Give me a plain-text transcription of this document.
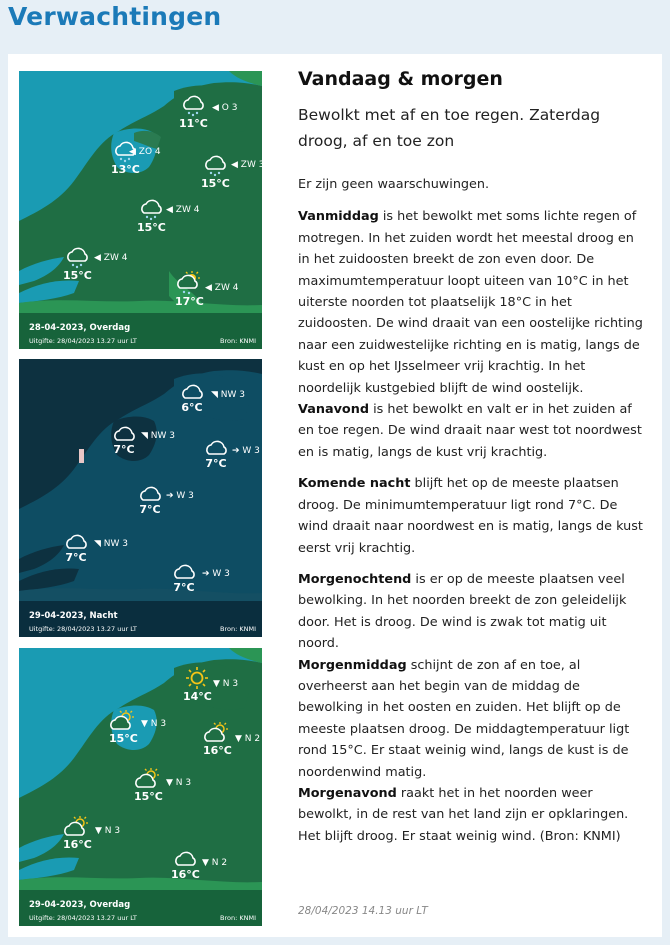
Verwachtingen
11°C
◀ O 3
13°C
◀ ZO 4
15°C
◀ ZW 3
15°C
◀ ZW 4
15°C
◀ ZW 4
17°C
◀ ZW 4
28-04-2023, Overdag
Uitgifte: 28/04/2023 13.27 uur LT	Bron: KNMI
6°C
◥ NW 3
7°C
◥ NW 3
7°C
➔ W 3
7°C
➔ W 3
7°C
◥ NW 3
7°C
➔ W 3
29-04-2023, Nacht
Uitgifte: 28/04/2023 13.27 uur LT	Bron: KNMI
14°C
▼ N 3
15°C
▼ N 3
16°C
▼ N 2
15°C
▼ N 3
16°C
▼ N 3
16°C
▼ N 2
29-04-2023, Overdag
Uitgifte: 28/04/2023 13.27 uur LT	Bron: KNMI
Vandaag & morgen
Bewolkt met af en toe regen. Zaterdag droog, af en toe zon
Er zijn geen waarschuwingen.
Vanmiddag is het bewolkt met soms lichte regen of motregen. In het zuiden wordt het meestal droog en in het zuidoosten breekt de zon even door. De maximumtemperatuur loopt uiteen van 10°C in het uiterste noorden tot plaatselijk 18°C in het zuidoosten. De wind draait van een oostelijke richting naar een zuidwestelijke richting en is matig, langs de kust en op het IJsselmeer vrij krachtig. In het noordelijk kustgebied blijft de wind oostelijk.
Vanavond is het bewolkt en valt er in het zuiden af en toe regen. De wind draait naar west tot noordwest en is matig, langs de kust vrij krachtig.
Komende nacht blijft het op de meeste plaatsen droog. De minimumtemperatuur ligt rond 7°C. De wind draait naar noordwest en is matig, langs de kust eerst vrij krachtig.
Morgenochtend is er op de meeste plaatsen veel bewolking. In het noorden breekt de zon geleidelijk door. Het is droog. De wind is zwak tot matig uit noord.
Morgenmiddag schijnt de zon af en toe, al overheerst aan het begin van de middag de bewolking in het oosten en zuiden. Het blijft op de meeste plaatsen droog. De middagtemperatuur ligt rond 15°C. Er staat weinig wind, langs de kust is de noordenwind matig.
Morgenavond raakt het in het noorden weer bewolkt, in de rest van het land zijn er opklaringen. Het blijft droog. Er staat weinig wind. (Bron: KNMI)
28/04/2023 14.13 uur LT
